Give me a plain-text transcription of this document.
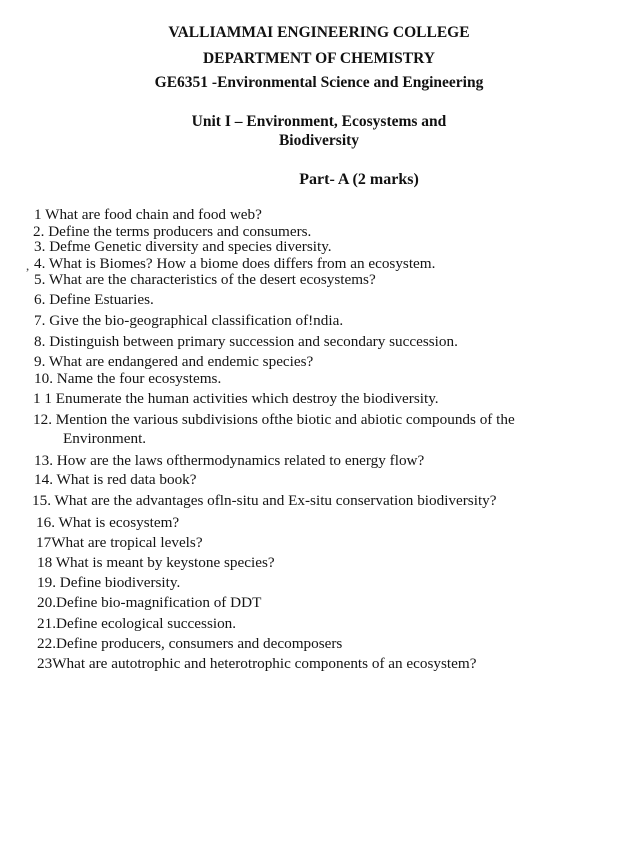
VALLIAMMAI ENGINEERING COLLEGE
DEPARTMENT OF CHEMISTRY
GE6351 -Environmental Science and Engineering
Unit I – Environment, Ecosystems and
Biodiversity
Part- A (2 marks)
1 What are food chain and food web?
2. Define the terms producers and consumers.
3. Defme Genetic diversity and species diversity.
, 4. What is Biomes? How a biome does differs from an ecosystem.
5. What are the characteristics of the desert ecosystems?
6. Define Estuaries.
7. Give the bio-geographical classification of!ndia.
8. Distinguish between primary succession and secondary succession.
9. What are endangered and endemic species?
10. Name the four ecosystems.
1 1 Enumerate the human activities which destroy the biodiversity.
12. Mention the various subdivisions ofthe biotic and abiotic compounds of the
Environment.
13. How are the laws ofthermodynamics related to energy flow?
14. What is red data book?
15. What are the advantages ofln-situ and Ex-situ conservation biodiversity?
16. What is ecosystem?
17What are tropical levels?
18 What is meant by keystone species?
19. Define biodiversity.
20.Define bio-magnification of DDT
21.Define ecological succession.
22.Define producers, consumers and decomposers
23What are autotrophic and heterotrophic components of an ecosystem?
